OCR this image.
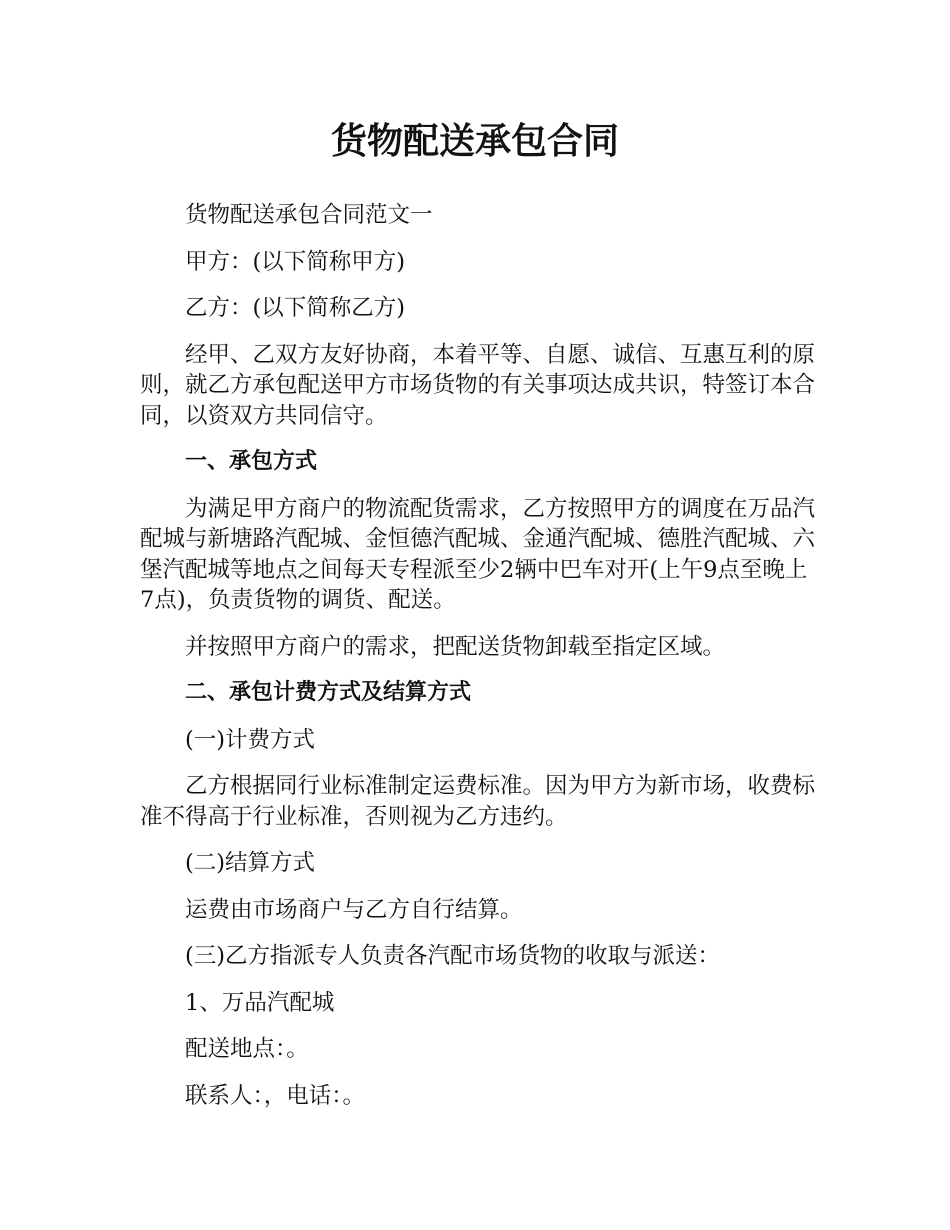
货物配送承包合同

货物配送承包合同范文一

甲方：(以下简称甲方)

乙方：(以下简称乙方)

经甲、乙双方友好协商，本着平等、自愿、诚信、互惠互利的原则，就乙方承包配送甲方市场货物的有关事项达成共识，特签订本合同，以资双方共同信守。

一、承包方式

为满足甲方商户的物流配货需求，乙方按照甲方的调度在万品汽配城与新塘路汽配城、金恒德汽配城、金通汽配城、德胜汽配城、六堡汽配城等地点之间每天专程派至少2辆中巴车对开(上午9点至晚上7点)，负责货物的调货、配送。

并按照甲方商户的需求，把配送货物卸载至指定区域。

二、承包计费方式及结算方式

(一)计费方式

乙方根据同行业标准制定运费标准。因为甲方为新市场，收费标准不得高于行业标准，否则视为乙方违约。

(二)结算方式

运费由市场商户与乙方自行结算。

(三)乙方指派专人负责各汽配市场货物的收取与派送：

1、万品汽配城

配送地点：。

联系人：，电话：。
